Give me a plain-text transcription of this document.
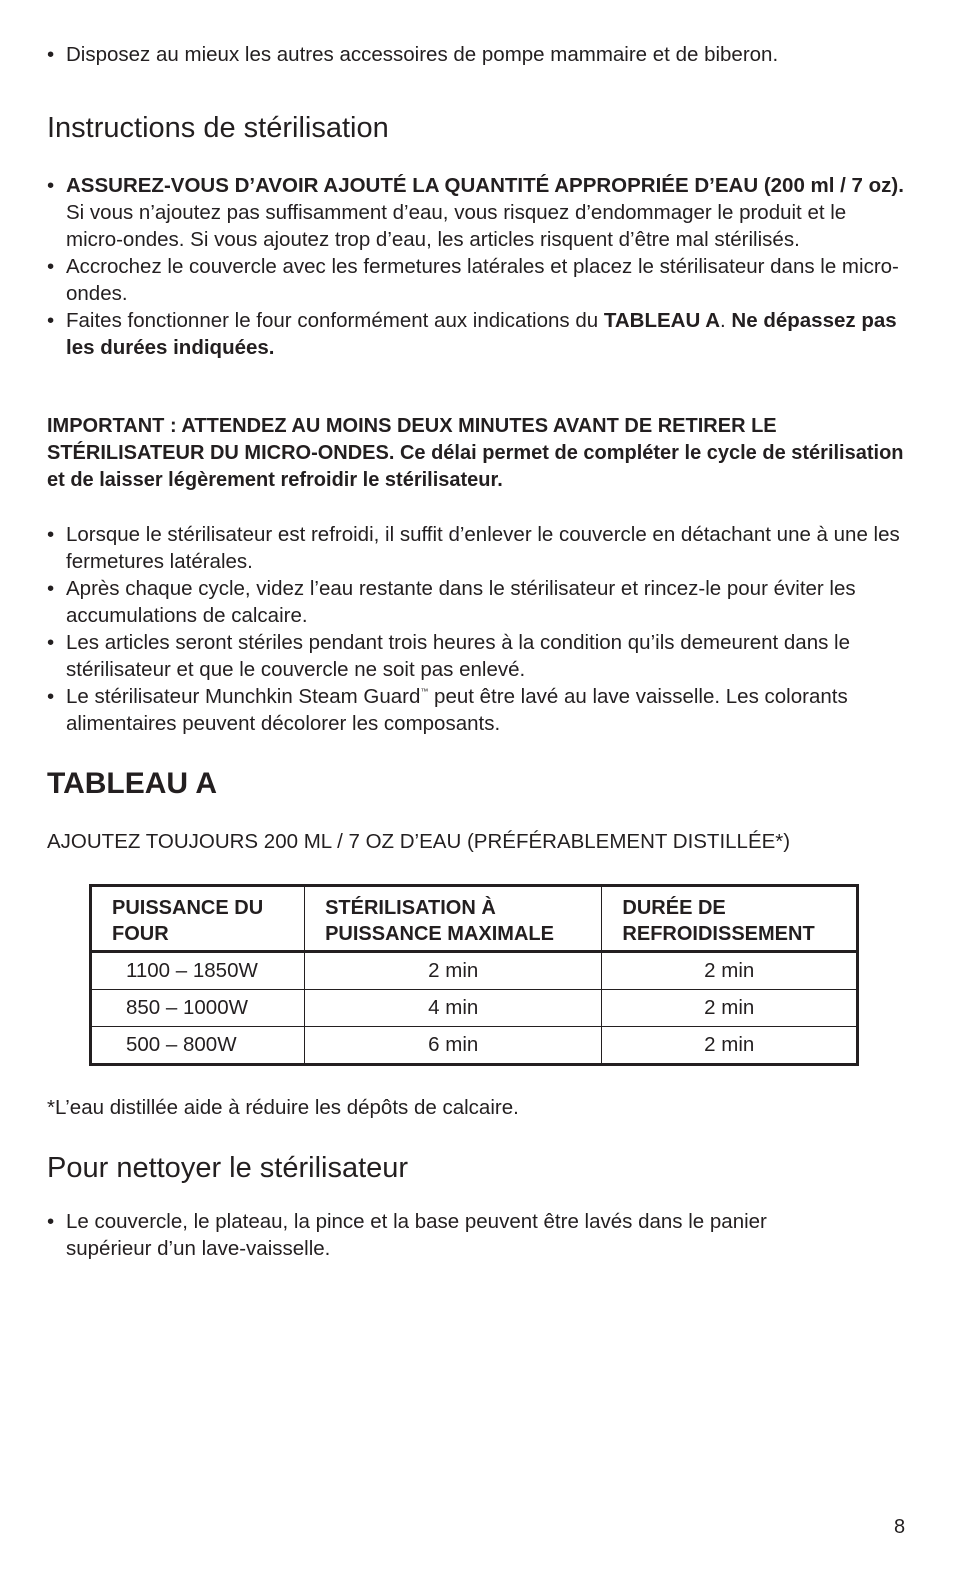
• Disposez au mieux les autres accessoires de pompe mammaire et de biberon.
Instructions de stérilisation
• ASSUREZ-VOUS D’AVOIR AJOUTÉ LA QUANTITÉ APPROPRIÉE D’EAU (200 ml / 7 oz). Si vous n’ajoutez pas suffisamment d’eau, vous risquez d’endommager le produit et le micro-ondes. Si vous ajoutez trop d’eau, les articles risquent d’être mal stérilisés.
• Accrochez le couvercle avec les fermetures latérales et placez le stérilisateur dans le micro-ondes.
• Faites fonctionner le four conformément aux indications du TABLEAU A. Ne dépassez pas les durées indiquées.

IMPORTANT : ATTENDEZ AU MOINS DEUX MINUTES AVANT DE RETIRER LE STÉRILISATEUR DU MICRO-ONDES. Ce délai permet de compléter le cycle de stérilisation et de laisser légèrement refroidir le stérilisateur.

• Lorsque le stérilisateur est refroidi, il suffit d’enlever le couvercle en détachant une à une les fermetures latérales.
• Après chaque cycle, videz l’eau restante dans le stérilisateur et rincez-le pour éviter les accumulations de calcaire.
• Les articles seront stériles pendant trois heures à la condition qu’ils demeurent dans le stérilisateur et que le couvercle ne soit pas enlevé.
• Le stérilisateur Munchkin Steam Guard™ peut être lavé au lave vaisselle. Les colorants alimentaires peuvent décolorer les composants.
TABLEAU A

AJOUTEZ TOUJOURS 200 ML / 7 OZ D’EAU (PRÉFÉRABLEMENT DISTILLÉE*)

PUISSANCE DU FOUR	STÉRILISATION À PUISSANCE MAXIMALE	DURÉE DE REFROIDISSEMENT
1100 – 1850W	2 min	2 min
850 – 1000W	4 min	2 min
500 – 800W	6 min	2 min

*L’eau distillée aide à réduire les dépôts de calcaire.

Pour nettoyer le stérilisateur
• Le couvercle, le plateau, la pince et la base peuvent être lavés dans le panier supérieur d’un lave-vaisselle.
8
